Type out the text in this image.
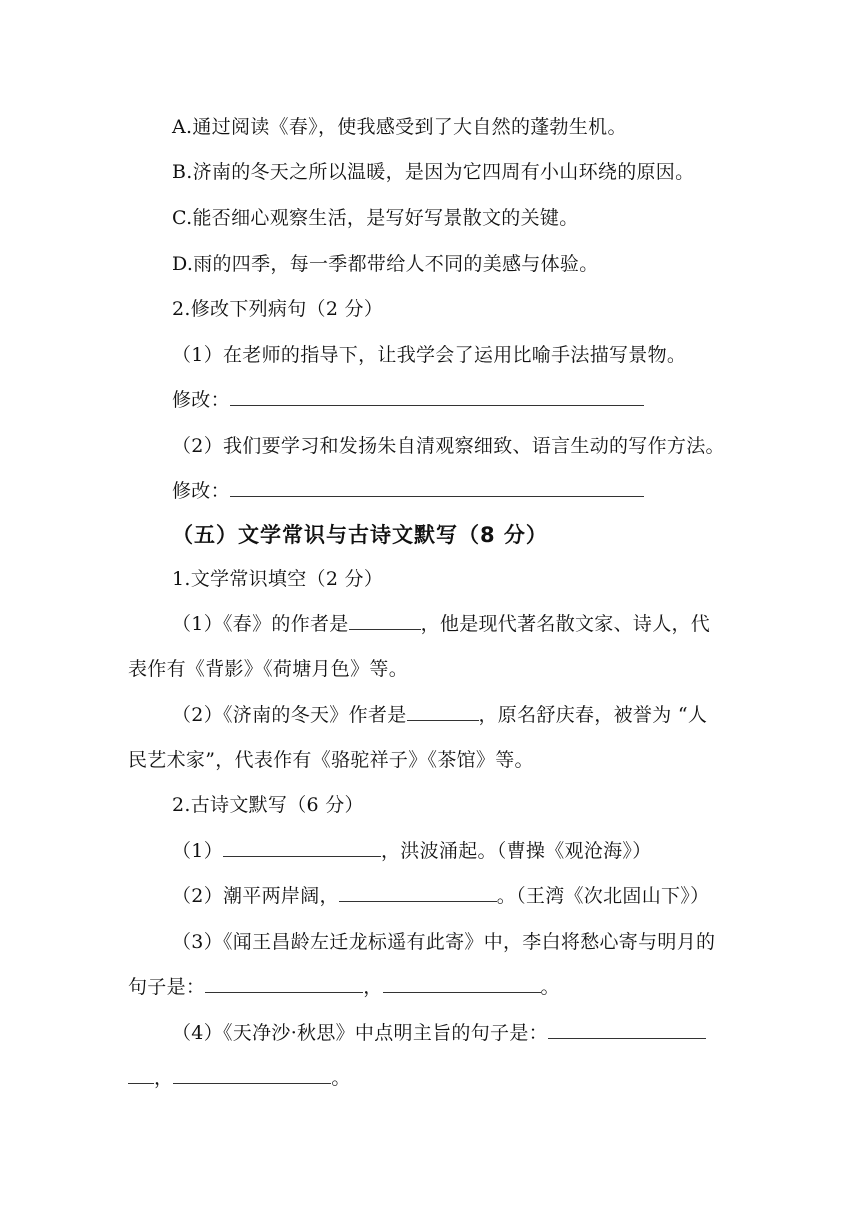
A.通过阅读《春》，使我感受到了大自然的蓬勃生机。
B.济南的冬天之所以温暖，是因为它四周有小山环绕的原因。
C.能否细心观察生活，是写好写景散文的关键。
D.雨的四季，每一季都带给人不同的美感与体验。
2.修改下列病句（2 分）
（1）在老师的指导下，让我学会了运用比喻手法描写景物。
修改：
（2）我们要学习和发扬朱自清观察细致、语言生动的写作方法。
修改：
（五）文学常识与古诗文默写（8 分）
1.文学常识填空（2 分）
（1）《春》的作者是	，他是现代著名散文家、诗人，代
表作有《背影》《荷塘月色》等。
（2）《济南的冬天》作者是	，原名舒庆春，被誉为 “人
民艺术家”，代表作有《骆驼祥子》《茶馆》等。
2.古诗文默写（6 分）
（1）	，洪波涌起。（曹操《观沧海》）
（2）潮平两岸阔，	。（王湾《次北固山下》）
（3）《闻王昌龄左迁龙标遥有此寄》中，李白将愁心寄与明月的
句子是：	，	。
（4）《天净沙·秋思》中点明主旨的句子是：
，	。
